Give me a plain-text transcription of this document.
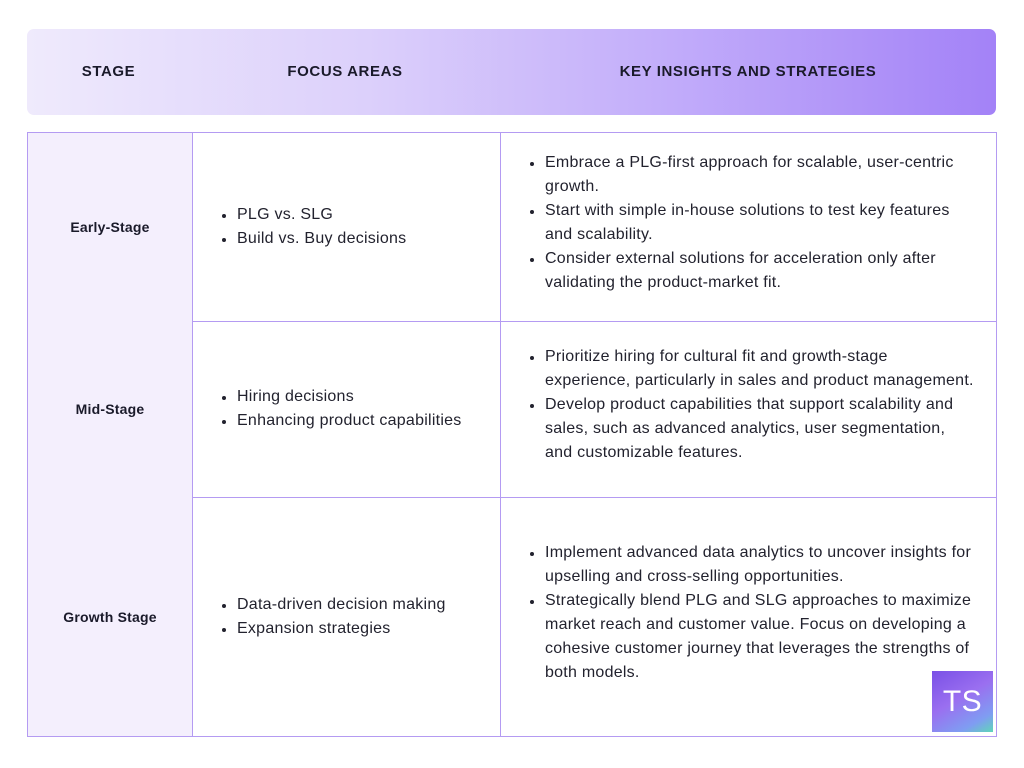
STAGE	FOCUS AREAS	KEY INSIGHTS AND STRATEGIES
Early-Stage
PLG vs. SLG
Build vs. Buy decisions
Embrace a PLG-first approach for scalable, user-centric growth.
Start with simple in-house solutions to test key features and scalability.
Consider external solutions for acceleration only after validating the product-market fit.
Mid-Stage
Hiring decisions
Enhancing product capabilities
Prioritize hiring for cultural fit and growth-stage experience, particularly in sales and product management.
Develop product capabilities that support scalability and sales, such as advanced analytics, user segmentation, and customizable features.
Growth Stage
Data-driven decision making
Expansion strategies
Implement advanced data analytics to uncover insights for upselling and cross-selling opportunities.
Strategically blend PLG and SLG approaches to maximize market reach and customer value. Focus on developing a cohesive customer journey that leverages the strengths of both models.
TS
